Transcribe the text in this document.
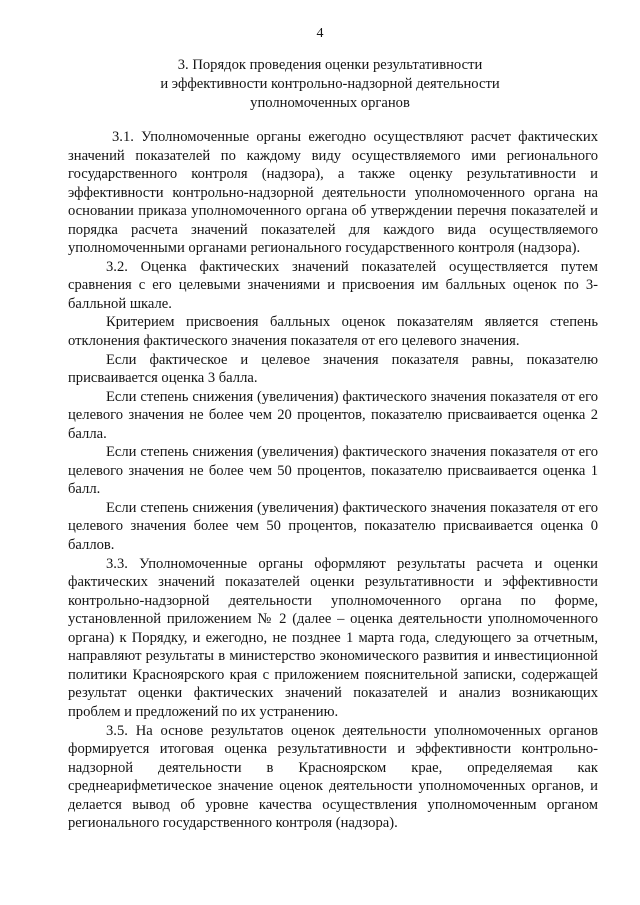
4
3. Порядок проведения оценки результативности
и эффективности контрольно-надзорной деятельности
уполномоченных органов

3.1. Уполномоченные органы ежегодно осуществляют расчет фактических значений показателей по каждому виду осуществляемого ими регионального государственного контроля (надзора), а также оценку результативности и эффективности контрольно-надзорной деятельности уполномоченного органа на основании приказа уполномоченного органа об утверждении перечня показателей и порядка расчета значений показателей для каждого вида осуществляемого уполномоченными органами регионального государственного контроля (надзора).

3.2. Оценка фактических значений показателей осуществляется путем сравнения с его целевыми значениями и присвоения им балльных оценок по 3-балльной шкале.

Критерием присвоения балльных оценок показателям является степень отклонения фактического значения показателя от его целевого значения.

Если фактическое и целевое значения показателя равны, показателю присваивается оценка 3 балла.

Если степень снижения (увеличения) фактического значения показателя от его целевого значения не более чем 20 процентов, показателю присваивается оценка 2 балла.

Если степень снижения (увеличения) фактического значения показателя от его целевого значения не более чем 50 процентов, показателю присваивается оценка 1 балл.

Если степень снижения (увеличения) фактического значения показателя от его целевого значения более чем 50 процентов, показателю присваивается оценка 0 баллов.

3.3. Уполномоченные органы оформляют результаты расчета и оценки фактических значений показателей оценки результативности и эффективности контрольно-надзорной деятельности уполномоченного органа по форме, установленной приложением № 2 (далее – оценка деятельности уполномоченного органа) к Порядку, и ежегодно, не позднее 1 марта года, следующего за отчетным, направляют результаты в министерство экономического развития и инвестиционной политики Красноярского края с приложением пояснительной записки, содержащей результат оценки фактических значений показателей и анализ возникающих проблем и предложений по их устранению.

3.5. На основе результатов оценок деятельности уполномоченных органов формируется итоговая оценка результативности и эффективности контрольно-надзорной деятельности в Красноярском крае, определяемая как среднеарифметическое значение оценок деятельности уполномоченных органов, и делается вывод об уровне качества осуществления уполномоченным органом регионального государственного контроля (надзора).
